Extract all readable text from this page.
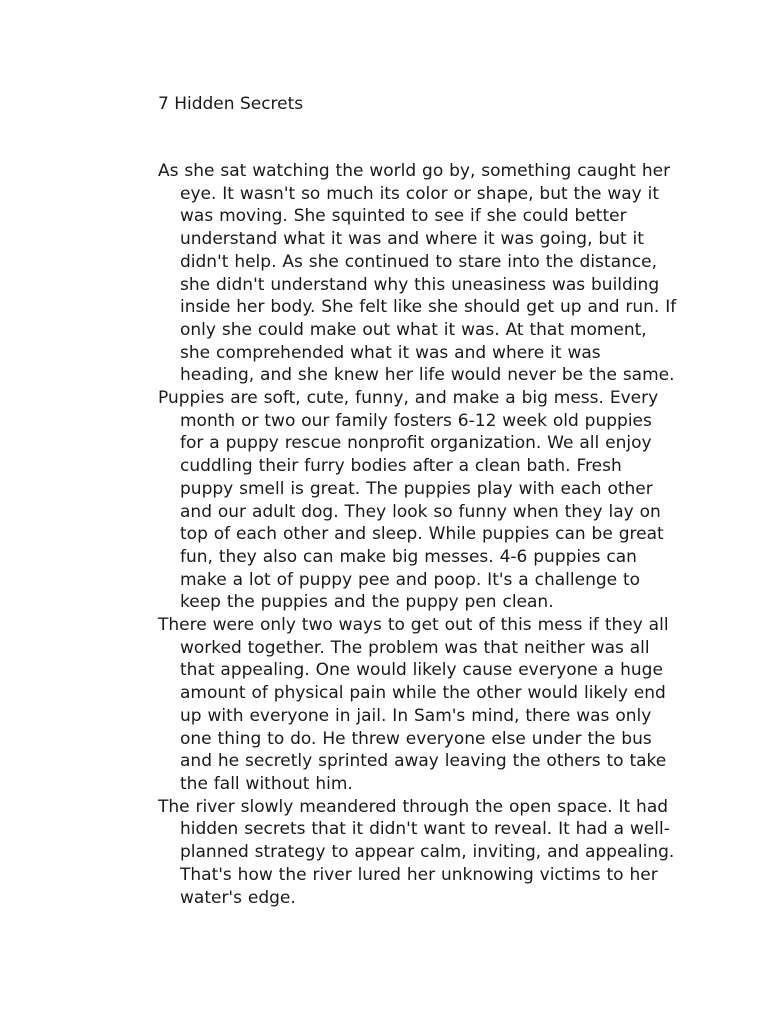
7 Hidden Secrets

As she sat watching the world go by, something caught her eye. It wasn't so much its color or shape, but the way it was moving. She squinted to see if she could better understand what it was and where it was going, but it didn't help. As she continued to stare into the distance, she didn't understand why this uneasiness was building inside her body. She felt like she should get up and run. If only she could make out what it was. At that moment, she comprehended what it was and where it was heading, and she knew her life would never be the same.

Puppies are soft, cute, funny, and make a big mess. Every month or two our family fosters 6-12 week old puppies for a puppy rescue nonprofit organization. We all enjoy cuddling their furry bodies after a clean bath. Fresh puppy smell is great. The puppies play with each other and our adult dog. They look so funny when they lay on top of each other and sleep. While puppies can be great fun, they also can make big messes. 4-6 puppies can make a lot of puppy pee and poop. It's a challenge to keep the puppies and the puppy pen clean.

There were only two ways to get out of this mess if they all worked together. The problem was that neither was all that appealing. One would likely cause everyone a huge amount of physical pain while the other would likely end up with everyone in jail. In Sam's mind, there was only one thing to do. He threw everyone else under the bus and he secretly sprinted away leaving the others to take the fall without him.

The river slowly meandered through the open space. It had hidden secrets that it didn't want to reveal. It had a well-planned strategy to appear calm, inviting, and appealing. That's how the river lured her unknowing victims to her water's edge.
